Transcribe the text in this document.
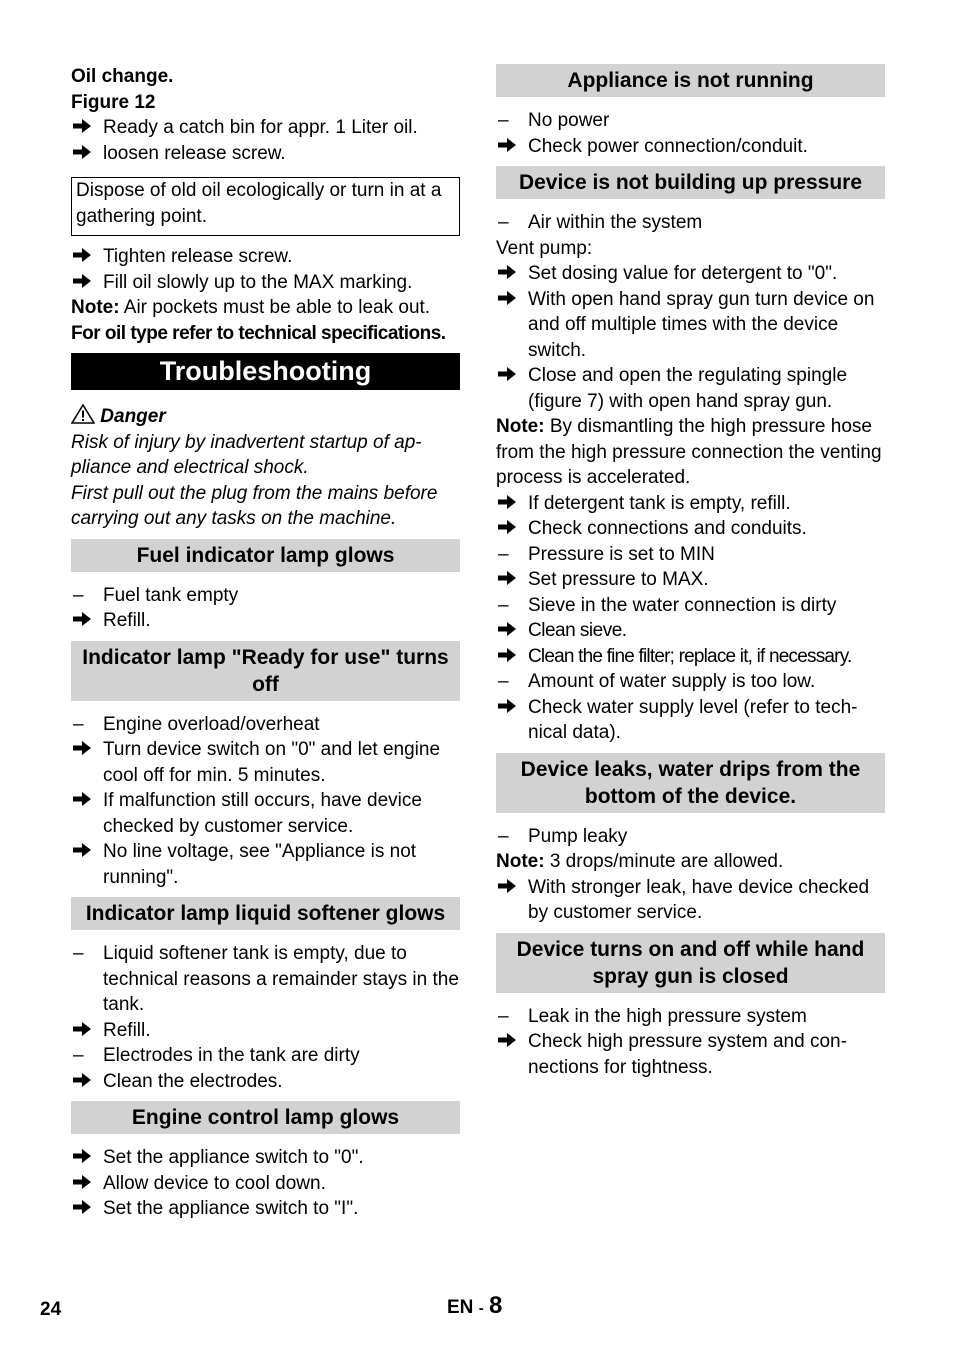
Oil change.

Figure 12

Ready a catch bin for appr. 1 Liter oil.
loosen release screw.
Dispose of old oil ecologically or turn in at a gathering point.
Tighten release screw.
Fill oil slowly up to the MAX marking.

Note: Air pockets must be able to leak out.

For oil type refer to technical specifications.

Troubleshooting

Danger

Risk of injury by inadvertent startup of ap- pliance and electrical shock.

First pull out the plug from the mains before carrying out any tasks on the machine.

Fuel indicator lamp glows
–	Fuel tank empty
Refill.
Indicator lamp "Ready for use" turns off
–	Engine overload/overheat
Turn device switch on "0" and let engine cool off for min. 5 minutes.
If malfunction still occurs, have device checked by customer service.
No line voltage, see "Appliance is not running".
Indicator lamp liquid softener glows
–	Liquid softener tank is empty, due to technical reasons a remainder stays in the tank.
Refill.
–	Electrodes in the tank are dirty
Clean the electrodes.
Engine control lamp glows
Set the appliance switch to "0".
Allow device to cool down.
Set the appliance switch to "I".
Appliance is not running
–	No power
Check power connection/conduit.
Device is not building up pressure
–	Air within the system

Vent pump:

Set dosing value for detergent to "0".
With open hand spray gun turn device on and off multiple times with the device switch.
Close and open the regulating spingle (figure 7) with open hand spray gun.

Note: By dismantling the high pressure hose from the high pressure connection the venting process is accelerated.

If detergent tank is empty, refill.
Check connections and conduits.
–	Pressure is set to MIN
Set pressure to MAX.
–	Sieve in the water connection is dirty
Clean sieve.
Clean the fine filter; replace it, if necessary.
–	Amount of water supply is too low.
Check water supply level (refer to tech- nical data).
Device leaks, water drips from the bottom of the device.
–	Pump leaky

Note: 3 drops/minute are allowed.

With stronger leak, have device checked by customer service.
Device turns on and off while hand spray gun is closed
–	Leak in the high pressure system
Check high pressure system and con- nections for tightness.
24	EN - 8
